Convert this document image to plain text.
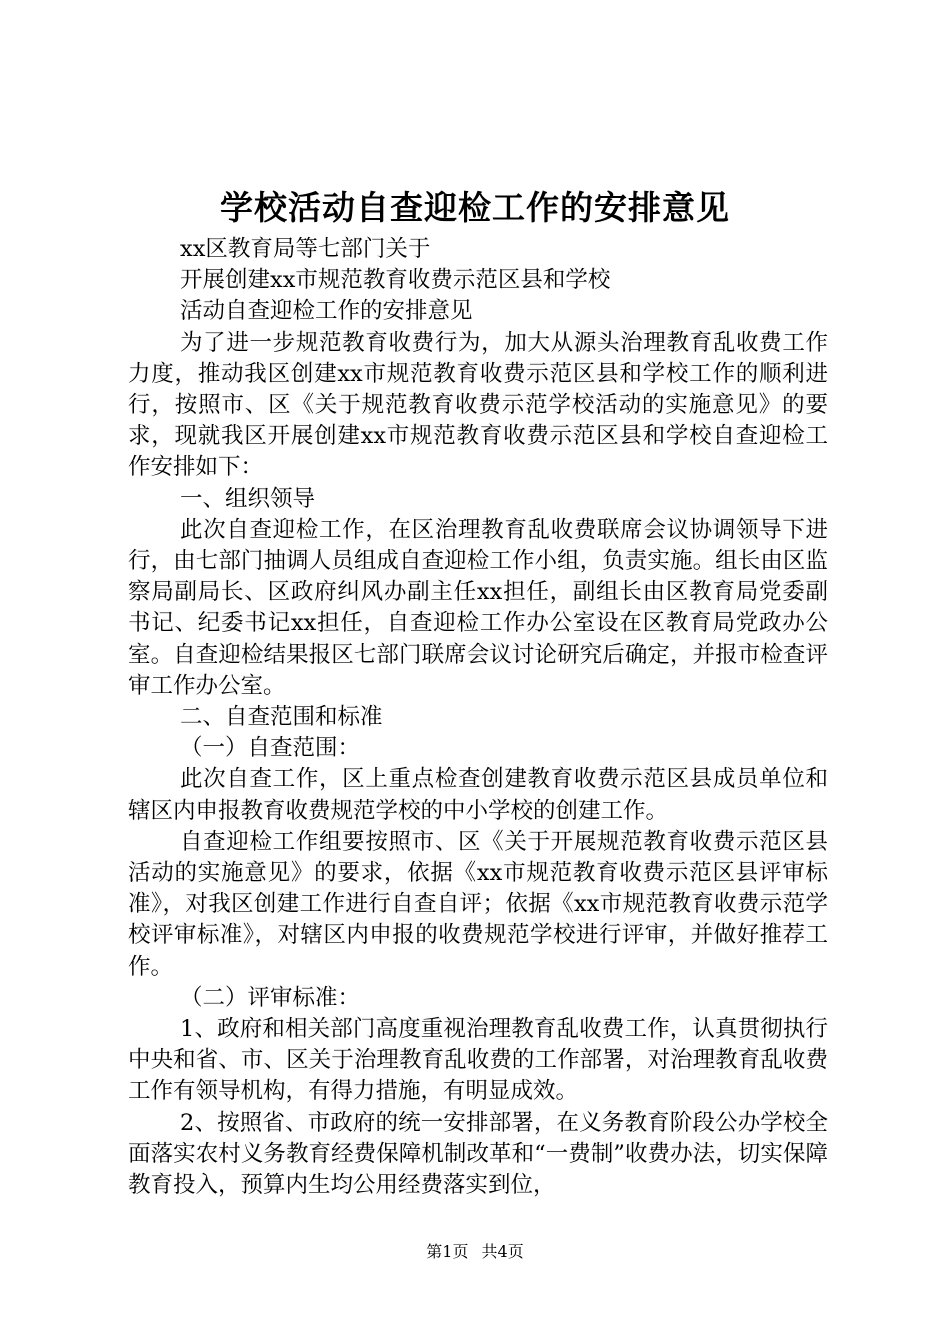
学校活动自查迎检工作的安排意见

xx区教育局等七部门关于

开展创建xx市规范教育收费示范区县和学校

活动自查迎检工作的安排意见

为了进一步规范教育收费行为，加大从源头治理教育乱收费工作力度，推动我区创建xx市规范教育收费示范区县和学校工作的顺利进行，按照市、区《关于规范教育收费示范学校活动的实施意见》的要求，现就我区开展创建xx市规范教育收费示范区县和学校自查迎检工作安排如下：

一、组织领导

此次自查迎检工作，在区治理教育乱收费联席会议协调领导下进行，由七部门抽调人员组成自查迎检工作小组，负责实施。组长由区监察局副局长、区政府纠风办副主任xx担任，副组长由区教育局党委副书记、纪委书记xx担任，自查迎检工作办公室设在区教育局党政办公室。自查迎检结果报区七部门联席会议讨论研究后确定，并报市检查评审工作办公室。

二、自查范围和标准

（一）自查范围：

此次自查工作，区上重点检查创建教育收费示范区县成员单位和辖区内申报教育收费规范学校的中小学校的创建工作。

自查迎检工作组要按照市、区《关于开展规范教育收费示范区县活动的实施意见》的要求，依据《xx市规范教育收费示范区县评审标准》，对我区创建工作进行自查自评；依据《xx市规范教育收费示范学校评审标准》，对辖区内申报的收费规范学校进行评审，并做好推荐工作。

（二）评审标准：

1、政府和相关部门高度重视治理教育乱收费工作，认真贯彻执行中央和省、市、区关于治理教育乱收费的工作部署，对治理教育乱收费工作有领导机构，有得力措施，有明显成效。

2、按照省、市政府的统一安排部署，在义务教育阶段公办学校全面落实农村义务教育经费保障机制改革和“一费制”收费办法，切实保障教育投入，预算内生均公用经费落实到位，

第1页 共4页
